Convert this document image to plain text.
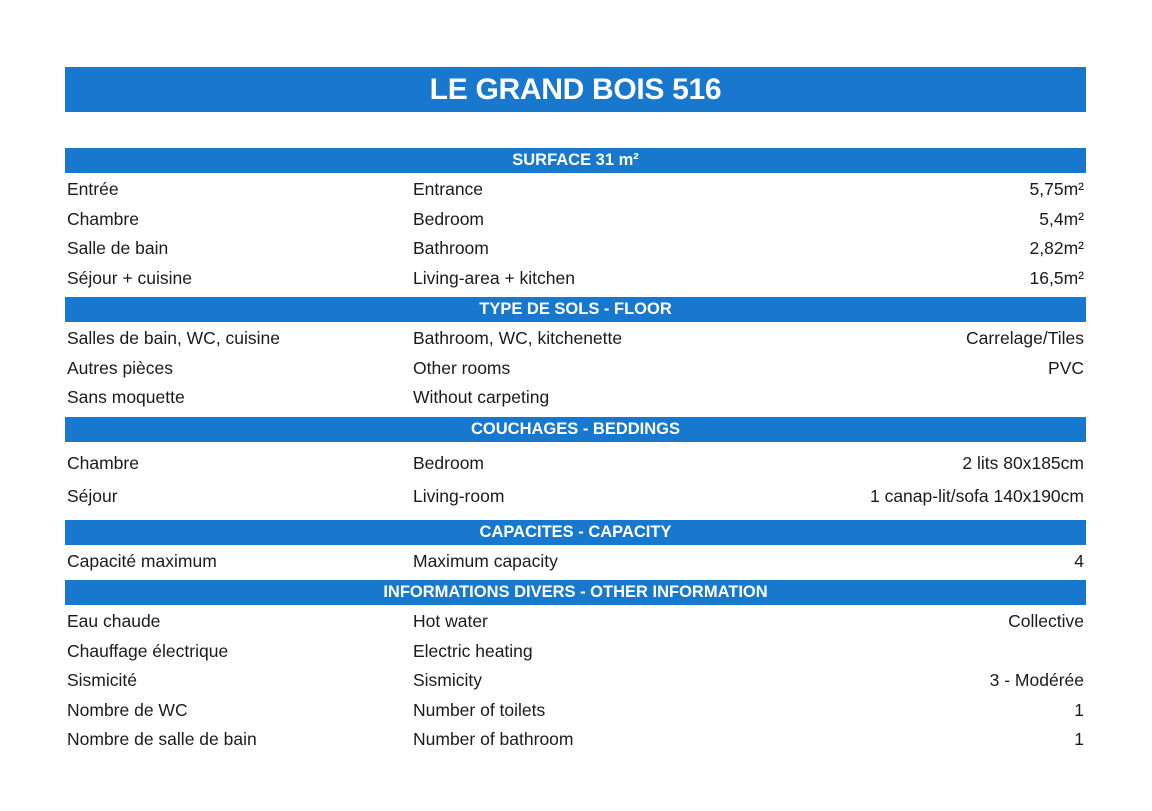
LE GRAND BOIS 516
SURFACE 31 m²
Entrée	Entrance	5,75m²
Chambre	Bedroom	5,4m²
Salle de bain	Bathroom	2,82m²
Séjour + cuisine	Living-area + kitchen	16,5m²
TYPE DE SOLS - FLOOR
Salles de bain, WC, cuisine	Bathroom, WC, kitchenette	Carrelage/Tiles
Autres pièces	Other rooms	PVC
Sans moquette	Without carpeting
COUCHAGES - BEDDINGS
Chambre	Bedroom	2 lits 80x185cm
Séjour	Living-room	1 canap-lit/sofa 140x190cm
CAPACITES - CAPACITY
Capacité maximum	Maximum capacity	4
INFORMATIONS DIVERS - OTHER INFORMATION
Eau chaude	Hot water	Collective
Chauffage électrique	Electric heating
Sismicité	Sismicity	3 - Modérée
Nombre de WC	Number of toilets	1
Nombre de salle de bain	Number of bathroom	1
